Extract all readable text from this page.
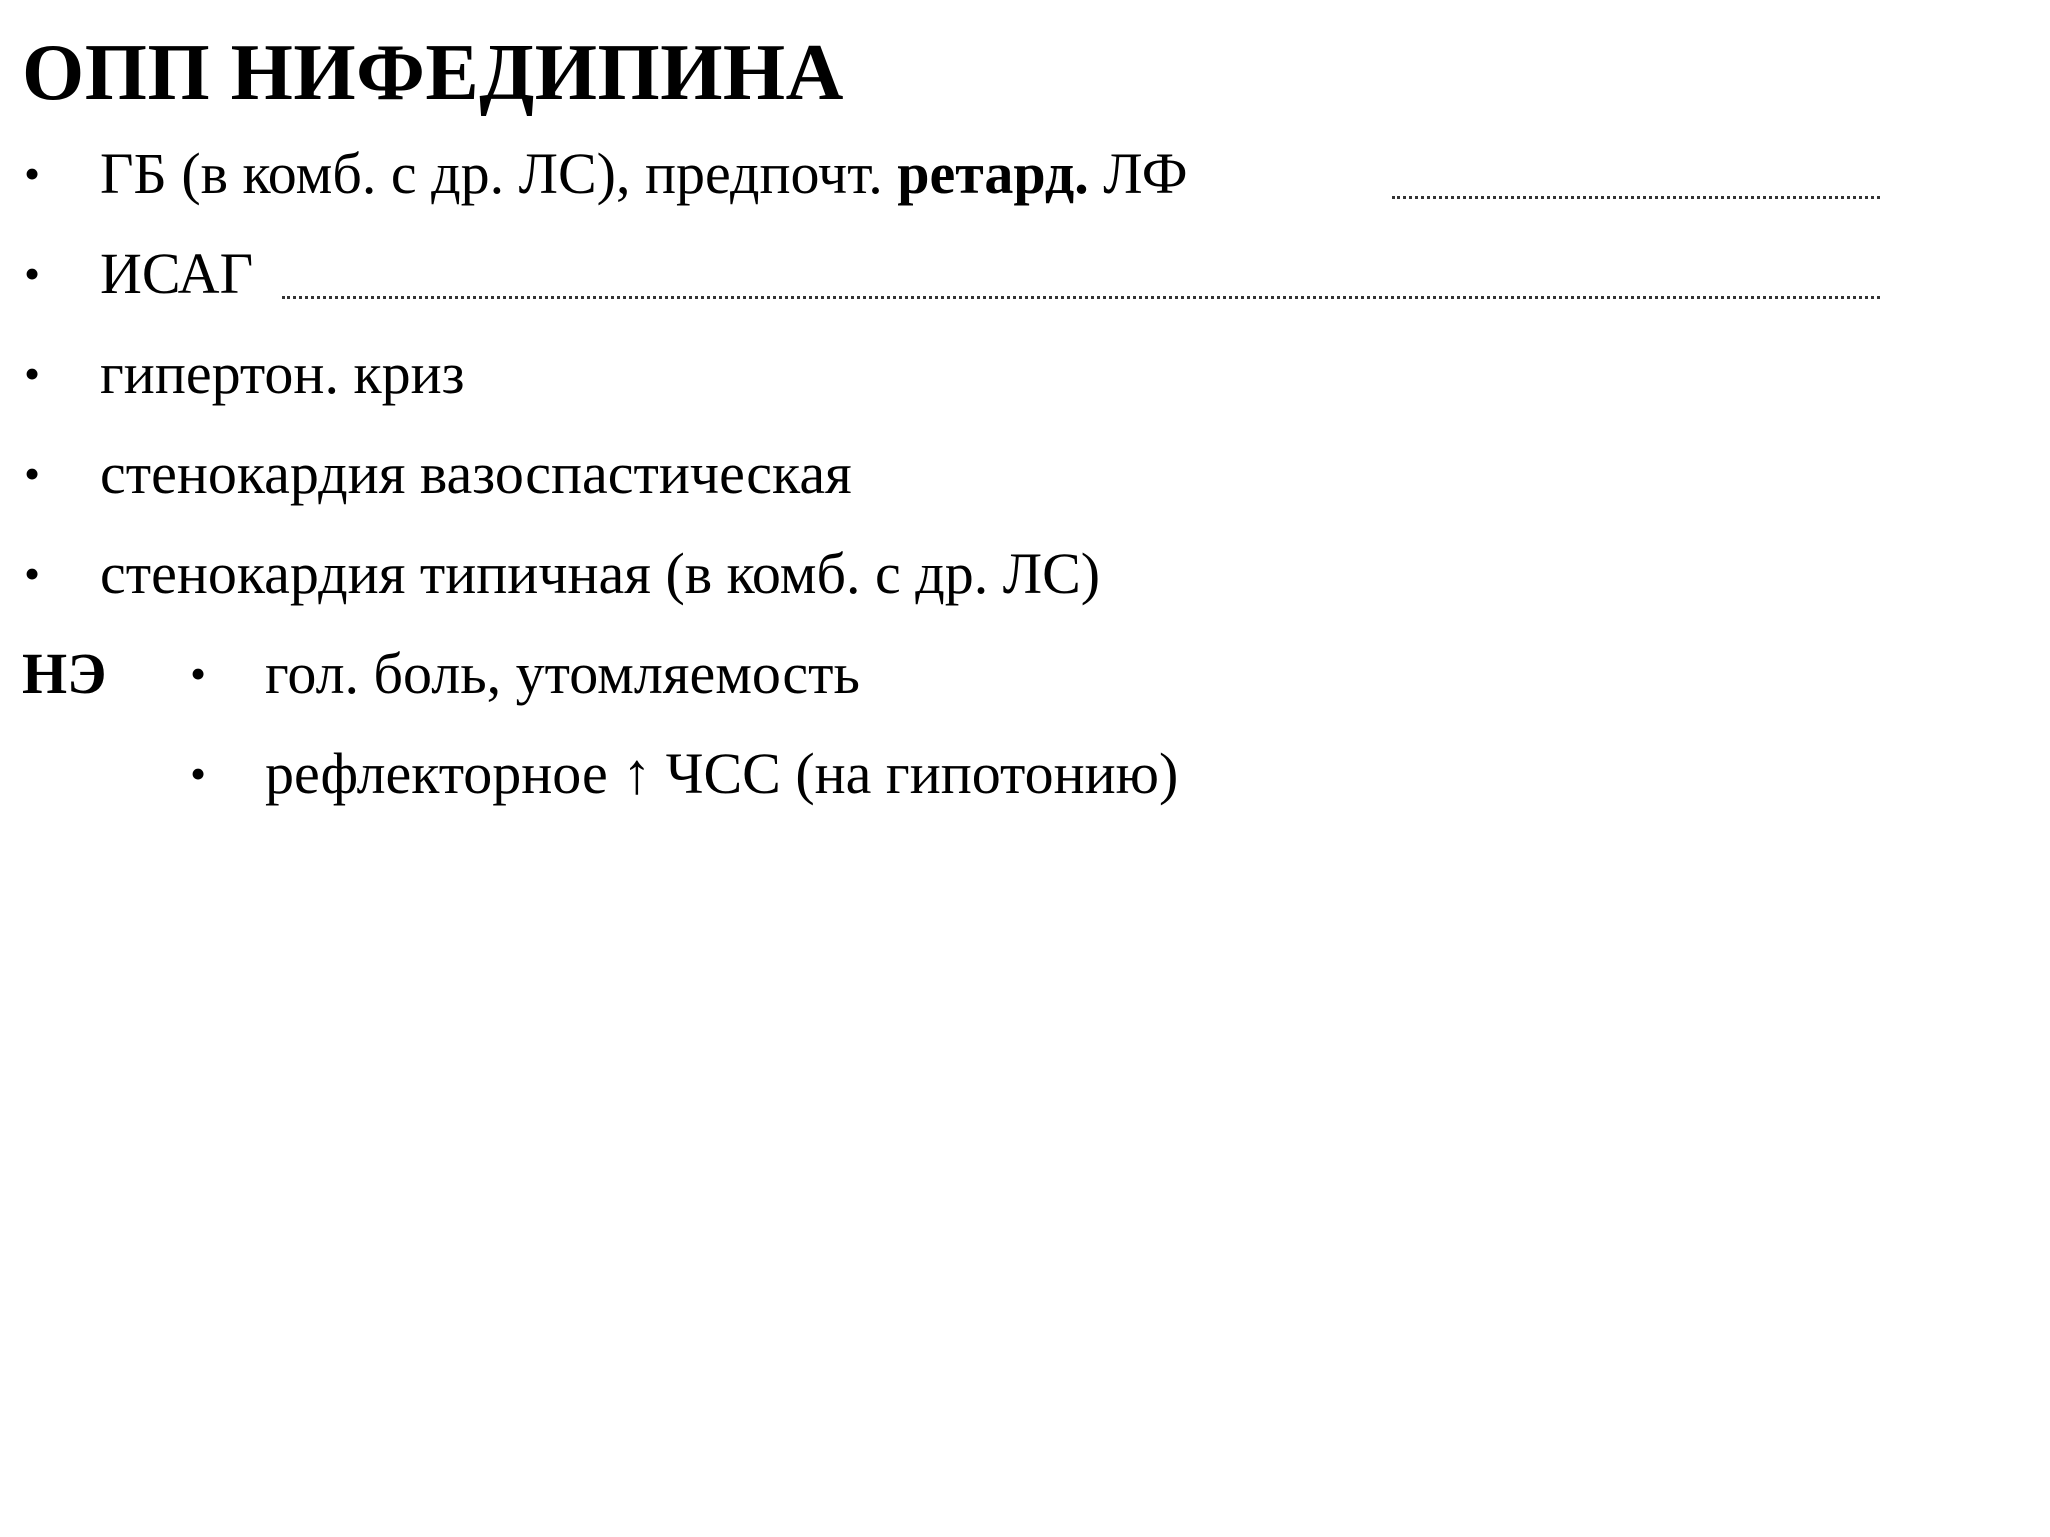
ОПП НИФЕДИПИНА
• ГБ (в комб. с др. ЛС), предпочт. ретард. ЛФ
• ИСАГ
• гипертон. криз
• стенокардия вазоспастическая
• стенокардия типичная (в комб. с др. ЛС)
НЭ • гол. боль, утомляемость
• рефлекторное ↑ ЧСС (на гипотонию)
